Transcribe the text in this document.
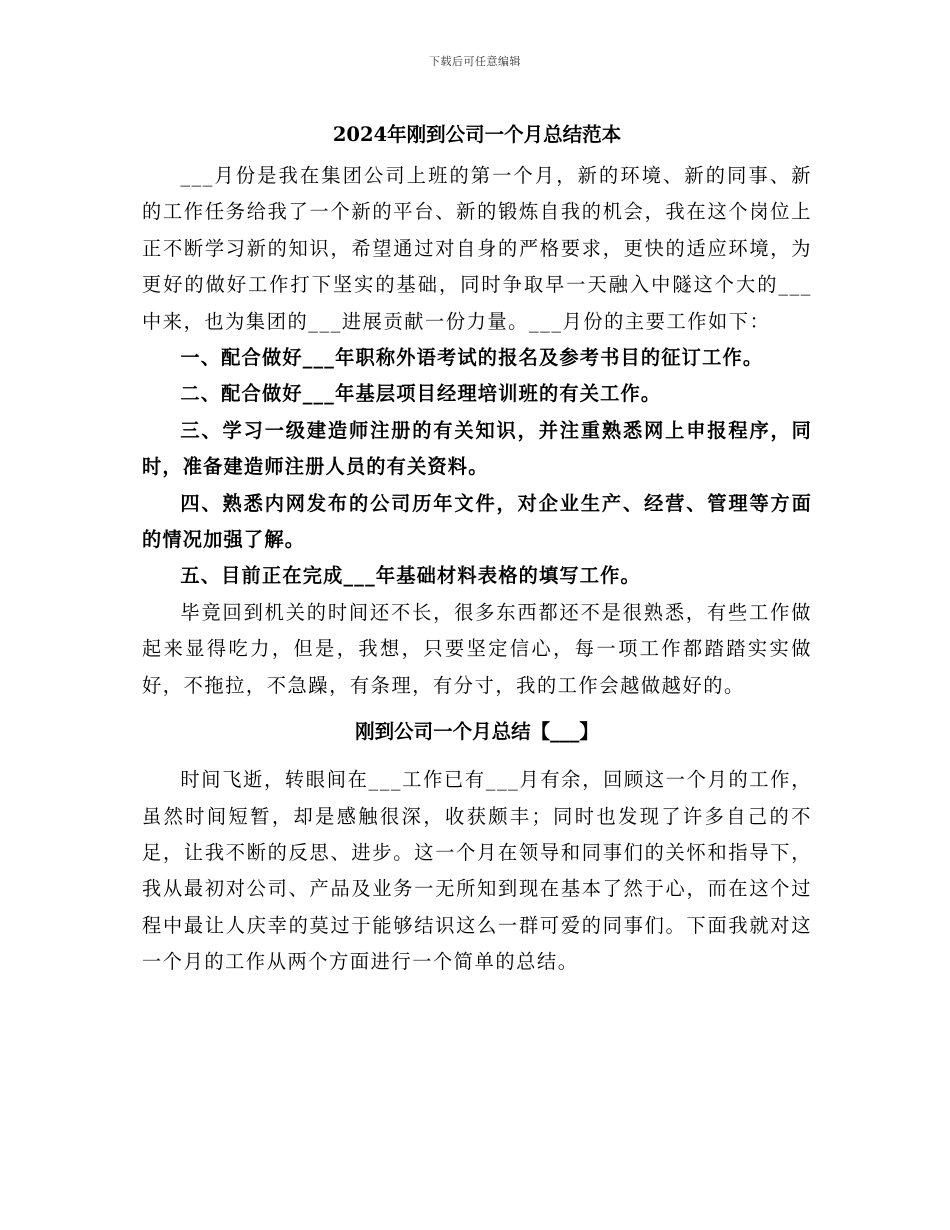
下载后可任意编辑
2024年刚到公司一个月总结范本

___月份是我在集团公司上班的第一个月，新的环境、新的同事、新的工作任务给我了一个新的平台、新的锻炼自我的机会，我在这个岗位上正不断学习新的知识，希望通过对自身的严格要求，更快的适应环境，为更好的做好工作打下坚实的基础，同时争取早一天融入中隧这个大的___中来，也为集团的___进展贡献一份力量。___月份的主要工作如下：

一、配合做好___年职称外语考试的报名及参考书目的征订工作。

二、配合做好___年基层项目经理培训班的有关工作。

三、学习一级建造师注册的有关知识，并注重熟悉网上申报程序，同时，准备建造师注册人员的有关资料。

四、熟悉内网发布的公司历年文件，对企业生产、经营、管理等方面的情况加强了解。

五、目前正在完成___年基础材料表格的填写工作。

毕竟回到机关的时间还不长，很多东西都还不是很熟悉，有些工作做起来显得吃力，但是，我想，只要坚定信心，每一项工作都踏踏实实做好，不拖拉，不急躁，有条理，有分寸，我的工作会越做越好的。

刚到公司一个月总结【___】

时间飞逝，转眼间在___工作已有___月有余，回顾这一个月的工作，虽然时间短暂，却是感触很深，收获颇丰；同时也发现了许多自己的不足，让我不断的反思、进步。这一个月在领导和同事们的关怀和指导下，我从最初对公司、产品及业务一无所知到现在基本了然于心，而在这个过程中最让人庆幸的莫过于能够结识这么一群可爱的同事们。下面我就对这一个月的工作从两个方面进行一个简单的总结。
